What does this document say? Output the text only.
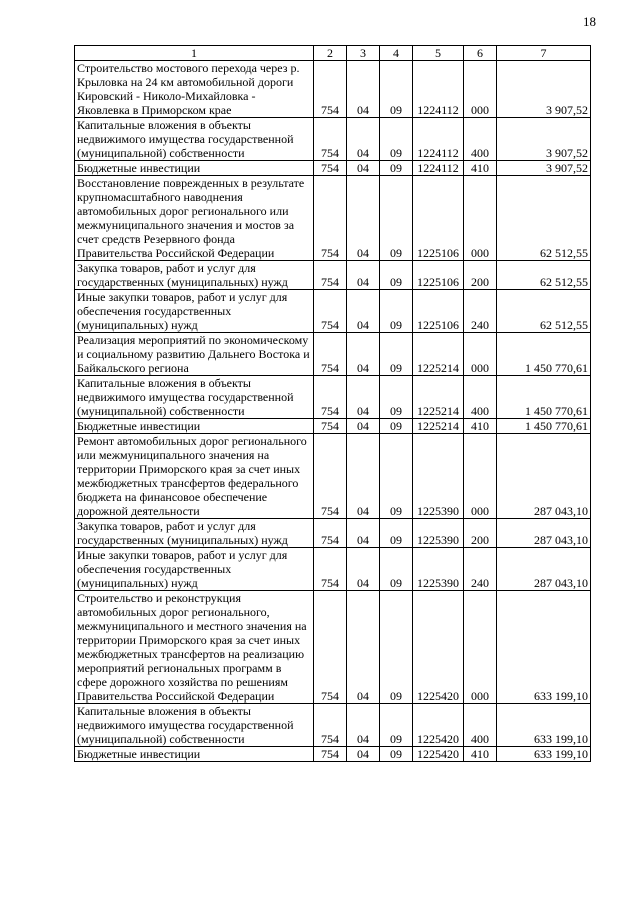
18
1	2	3	4	5	6	7
Строительство мостового перехода через р. Крыловка на 24 км автомобильной дороги Кировский - Николо-Михайловка - Яковлевка в Приморском крае	754	04	09	1224112	000	3 907,52
Капитальные вложения в объекты недвижимого имущества государственной (муниципальной) собственности	754	04	09	1224112	400	3 907,52
Бюджетные инвестиции	754	04	09	1224112	410	3 907,52
Восстановление поврежденных в результате крупномасштабного наводнения автомобильных дорог регионального или межмуниципального значения и мостов за счет средств Резервного фонда Правительства Российской Федерации	754	04	09	1225106	000	62 512,55
Закупка товаров, работ и услуг для государственных (муниципальных) нужд	754	04	09	1225106	200	62 512,55
Иные закупки товаров, работ и услуг для обеспечения государственных (муниципальных) нужд	754	04	09	1225106	240	62 512,55
Реализация мероприятий по экономическому и социальному развитию Дальнего Востока и Байкальского региона	754	04	09	1225214	000	1 450 770,61
Капитальные вложения в объекты недвижимого имущества государственной (муниципальной) собственности	754	04	09	1225214	400	1 450 770,61
Бюджетные инвестиции	754	04	09	1225214	410	1 450 770,61
Ремонт автомобильных дорог регионального или межмуниципального значения на территории Приморского края за счет иных межбюджетных трансфертов федерального бюджета на финансовое обеспечение дорожной деятельности	754	04	09	1225390	000	287 043,10
Закупка товаров, работ и услуг для государственных (муниципальных) нужд	754	04	09	1225390	200	287 043,10
Иные закупки товаров, работ и услуг для обеспечения государственных (муниципальных) нужд	754	04	09	1225390	240	287 043,10
Строительство и реконструкция автомобильных дорог регионального, межмуниципального и местного значения на территории Приморского края за счет иных межбюджетных трансфертов на реализацию мероприятий региональных программ в сфере дорожного хозяйства по решениям Правительства Российской Федерации	754	04	09	1225420	000	633 199,10
Капитальные вложения в объекты недвижимого имущества государственной (муниципальной) собственности	754	04	09	1225420	400	633 199,10
Бюджетные инвестиции	754	04	09	1225420	410	633 199,10
